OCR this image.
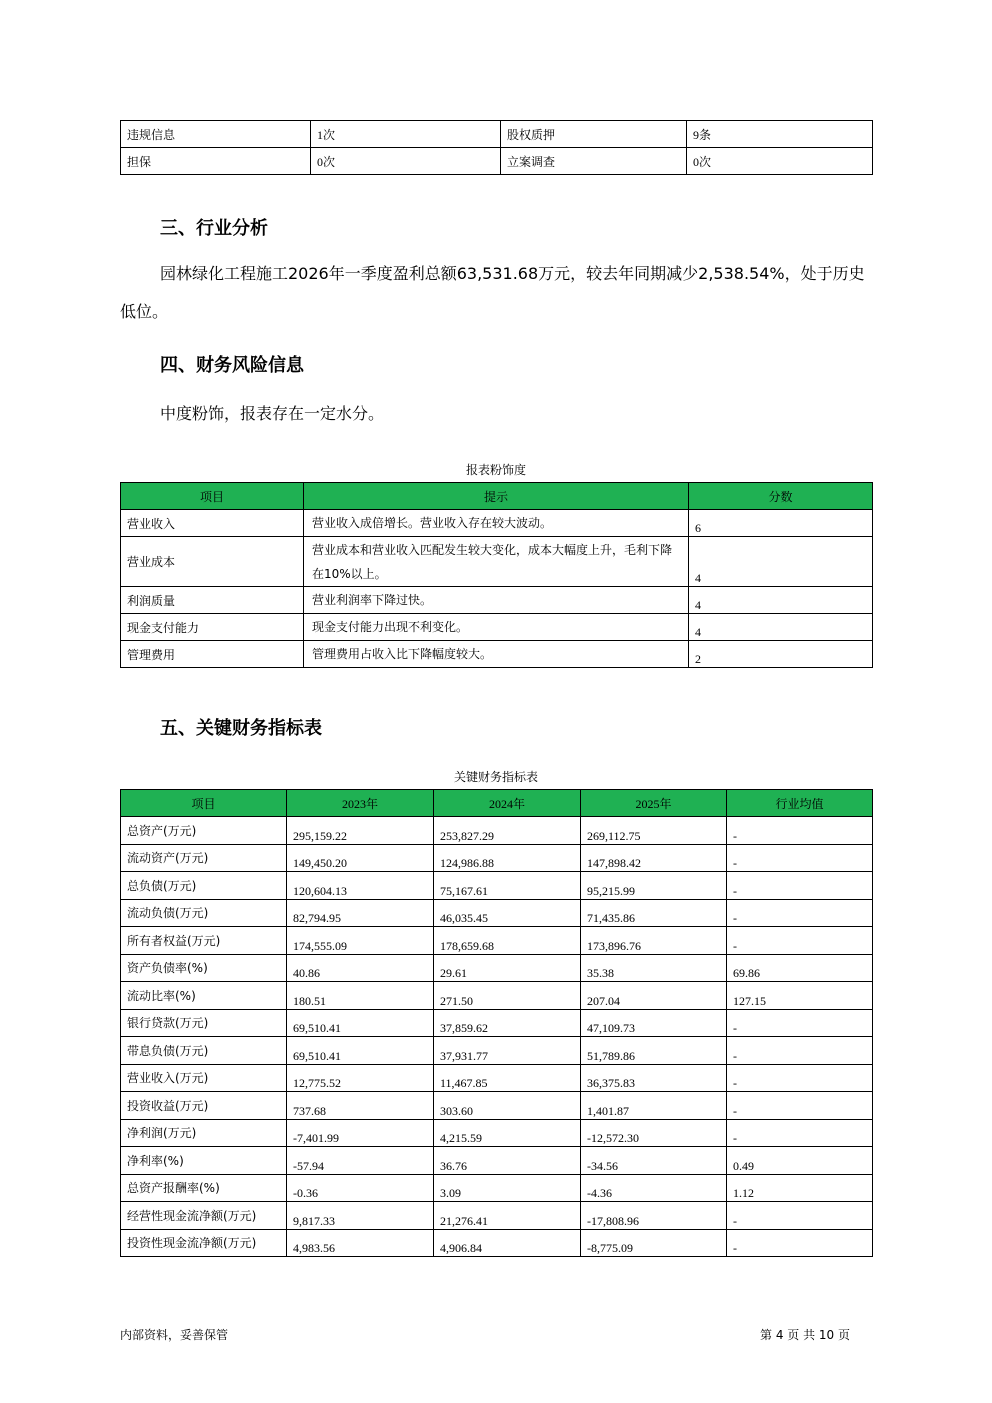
违规信息	1次	股权质押	9条
担保	0次	立案调查	0次
三、行业分析

园林绿化工程施工2026年一季度盈利总额63,531.68万元，较去年同期减少2,538.54%，处于历史低位。

四、财务风险信息

中度粉饰，报表存在一定水分。

报表粉饰度
项目	提示	分数
营业收入	营业收入成倍增长。营业收入存在较大波动。	6
营业成本	营业成本和营业收入匹配发生较大变化，成本大幅度上升，毛利下降在10%以上。	4
利润质量	营业利润率下降过快。	4
现金支付能力	现金支付能力出现不利变化。	4
管理费用	管理费用占收入比下降幅度较大。	2
五、关键财务指标表
关键财务指标表
项目	2023年	2024年	2025年	行业均值
总资产(万元)	295,159.22	253,827.29	269,112.75	-
流动资产(万元)	149,450.20	124,986.88	147,898.42	-
总负债(万元)	120,604.13	75,167.61	95,215.99	-
流动负债(万元)	82,794.95	46,035.45	71,435.86	-
所有者权益(万元)	174,555.09	178,659.68	173,896.76	-
资产负债率(%)	40.86	29.61	35.38	69.86
流动比率(%)	180.51	271.50	207.04	127.15
银行贷款(万元)	69,510.41	37,859.62	47,109.73	-
带息负债(万元)	69,510.41	37,931.77	51,789.86	-
营业收入(万元)	12,775.52	11,467.85	36,375.83	-
投资收益(万元)	737.68	303.60	1,401.87	-
净利润(万元)	-7,401.99	4,215.59	-12,572.30	-
净利率(%)	-57.94	36.76	-34.56	0.49
总资产报酬率(%)	-0.36	3.09	-4.36	1.12
经营性现金流净额(万元)	9,817.33	21,276.41	-17,808.96	-
投资性现金流净额(万元)	4,983.56	4,906.84	-8,775.09	-
内部资料，妥善保管	第 4 页 共 10 页
